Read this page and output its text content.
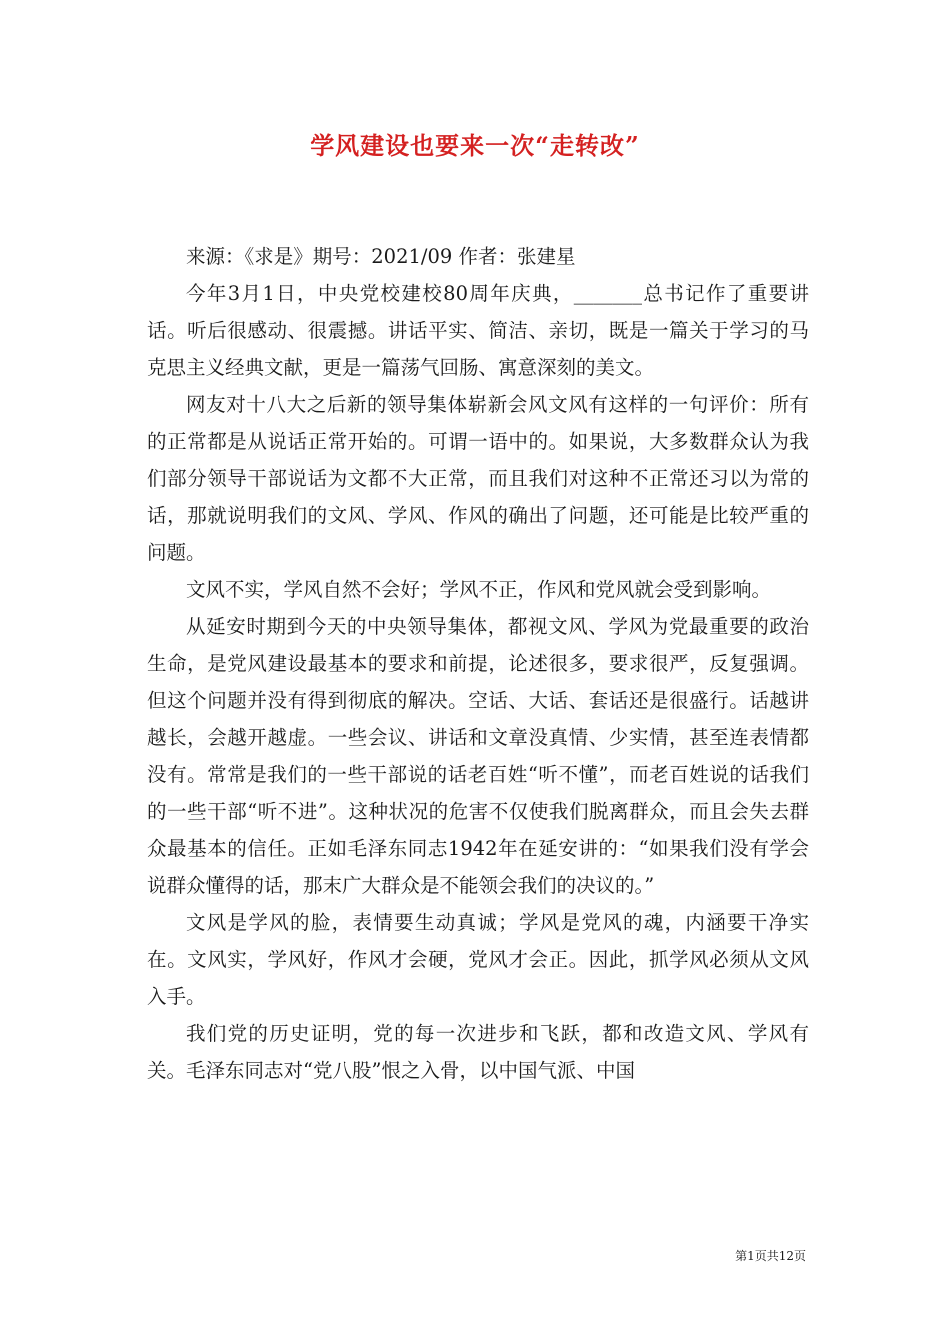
学风建设也要来一次“走转改”

来源：《求是》期号：2021/09 作者：张建星

今年3月1日，中央党校建校80周年庆典，_______总书记作了重要讲话。听后很感动、很震撼。讲话平实、简洁、亲切，既是一篇关于学习的马克思主义经典文献，更是一篇荡气回肠、寓意深刻的美文。

网友对十八大之后新的领导集体崭新会风文风有这样的一句评价：所有的正常都是从说话正常开始的。可谓一语中的。如果说，大多数群众认为我们部分领导干部说话为文都不大正常，而且我们对这种不正常还习以为常的话，那就说明我们的文风、学风、作风的确出了问题，还可能是比较严重的问题。

文风不实，学风自然不会好；学风不正，作风和党风就会受到影响。

从延安时期到今天的中央领导集体，都视文风、学风为党最重要的政治生命，是党风建设最基本的要求和前提，论述很多，要求很严，反复强调。但这个问题并没有得到彻底的解决。空话、大话、套话还是很盛行。话越讲越长，会越开越虚。一些会议、讲话和文章没真情、少实情，甚至连表情都没有。常常是我们的一些干部说的话老百姓“听不懂”，而老百姓说的话我们的一些干部“听不进”。这种状况的危害不仅使我们脱离群众，而且会失去群众最基本的信任。正如毛泽东同志1942年在延安讲的：“如果我们没有学会说群众懂得的话，那末广大群众是不能领会我们的决议的。”

文风是学风的脸，表情要生动真诚；学风是党风的魂，内涵要干净实在。文风实，学风好，作风才会硬，党风才会正。因此，抓学风必须从文风入手。

我们党的历史证明，党的每一次进步和飞跃，都和改造文风、学风有关。毛泽东同志对“党八股”恨之入骨，以中国气派、中国

第1页共12页
